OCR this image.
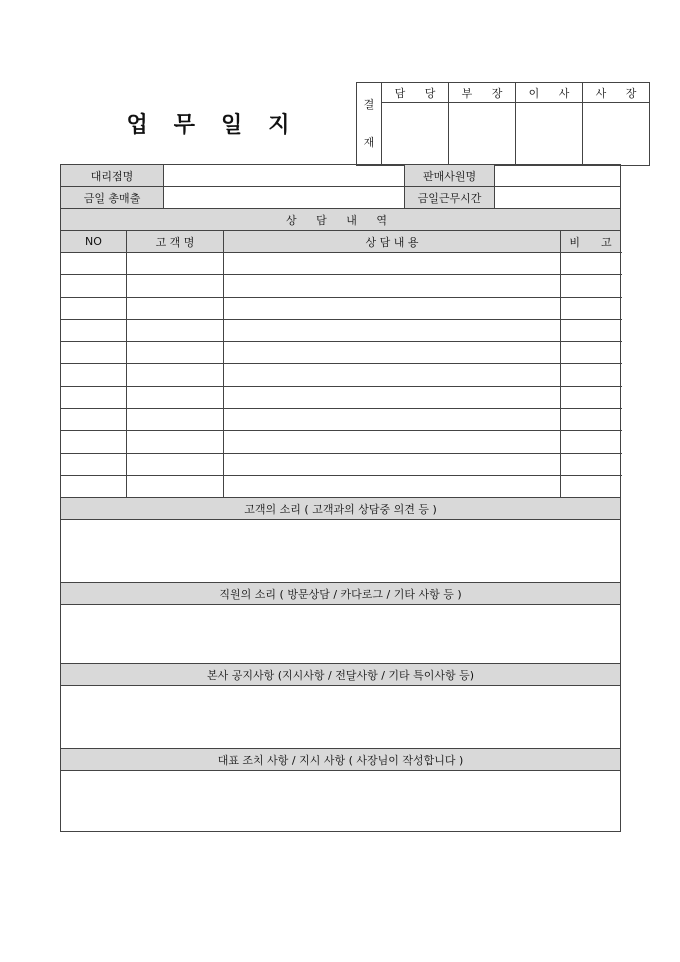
업무일지
결
재	담 당	부 장	이 사	사 장

대리점명				판매사원명		
금일 총매출				금일근무시간		
상 담 내 역						
NO	고 객 명		상 담 내 용			비      고

고객의 소리 ( 고객과의 상담중 의견 등 )						

직원의 소리 ( 방문상담 / 카다로그 / 기타 사항 등 )						

본사 공지사항 (지시사항 / 전달사항 / 기타 특이사항 등)						

대표 조치 사항 / 지시 사항 ( 사장님이 작성합니다 )						
